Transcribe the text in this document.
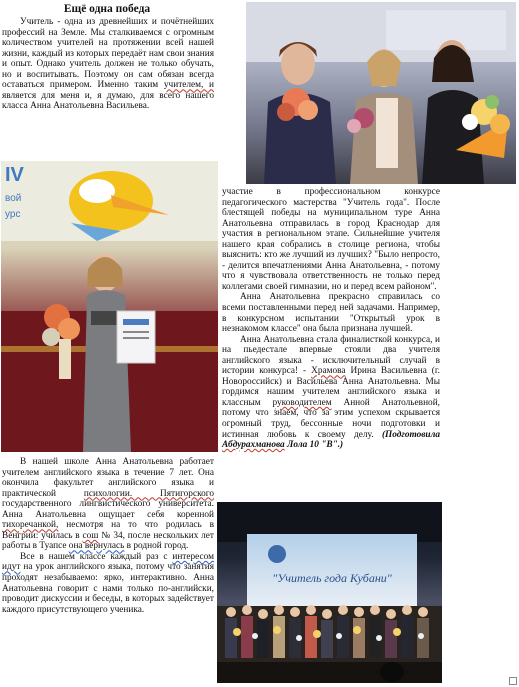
Ещё одна победа

Учитель - одна из древнейших и почётнейших профессий на Земле. Мы сталкиваемся с огромным количеством учителей на протяжении всей нашей жизни, каждый из которых передаёт нам свои знания и опыт. Однако учитель должен не только обучать, но и воспитывать. Поэтому он сам обязан всегда оставаться примером. Именно таким учителем, и является для меня и, я думаю, для всего нашего класса Анна Анатольевна Васильева.

IV
вой
урс

В нашей школе Анна Анатольевна работает учителем английского языка в течение 7 лет. Она окончила факультет английского языка и практической	психологии. Пятигорского государственного лингвистического университета. Анна Анатольевна ощущает себя коренной тихоречанкой, несмотря на то что родилась в Венгрии: училась в сош № 34, после нескольких лет работы в Туапсе она вернулась в родной город.

Все в нашем классе каждый раз с интересом идут на урок английского языка, потому что занятия проходят незабываемо: ярко, интерактивно. Анна Анатольевна говорит с нами только по-английски, проводит дискуссии и беседы, в которых задействует каждого присутствующего ученика.

участие в профессиональном конкурсе педагогического мастерства "Учитель года". После блестящей победы на муниципальном туре Анна Анатольевна отправилась в город Краснодар для участия в региональном этапе. Сильнейшие учителя нашего края собрались в столице региона, чтобы выяснить: кто же лучший из лучших? "Было непросто, - делится впечатлениями Анна Анатольевна, - потому что я чувствовала ответственность не только перед коллегами своей гимназии, но и перед всем районом".

Анна Анатольевна прекрасно справилась со всеми поставленными перед ней задачами. Например, в конкурсном испытании "Открытый урок в незнакомом классе" она была признана лучшей.

Анна Анатольевна стала финалисткой конкурса, и на пьедестале впервые стояли два учителя английского языка - исключительный случай в истории конкурса! - Храмова Ирина Васильевна (г. Новороссийск) и Васильева Анна Анатольевна. Мы гордимся нашим учителем английского языка и классным руководителем Анной Анатольевной, потому что знаем, что за этим успехом скрывается огромный труд, бессонные ночи подготовки и истинная любовь к своему делу. (Подготовила Абдурахманова Лола 10 "В".)

"Учитель года Кубани"
